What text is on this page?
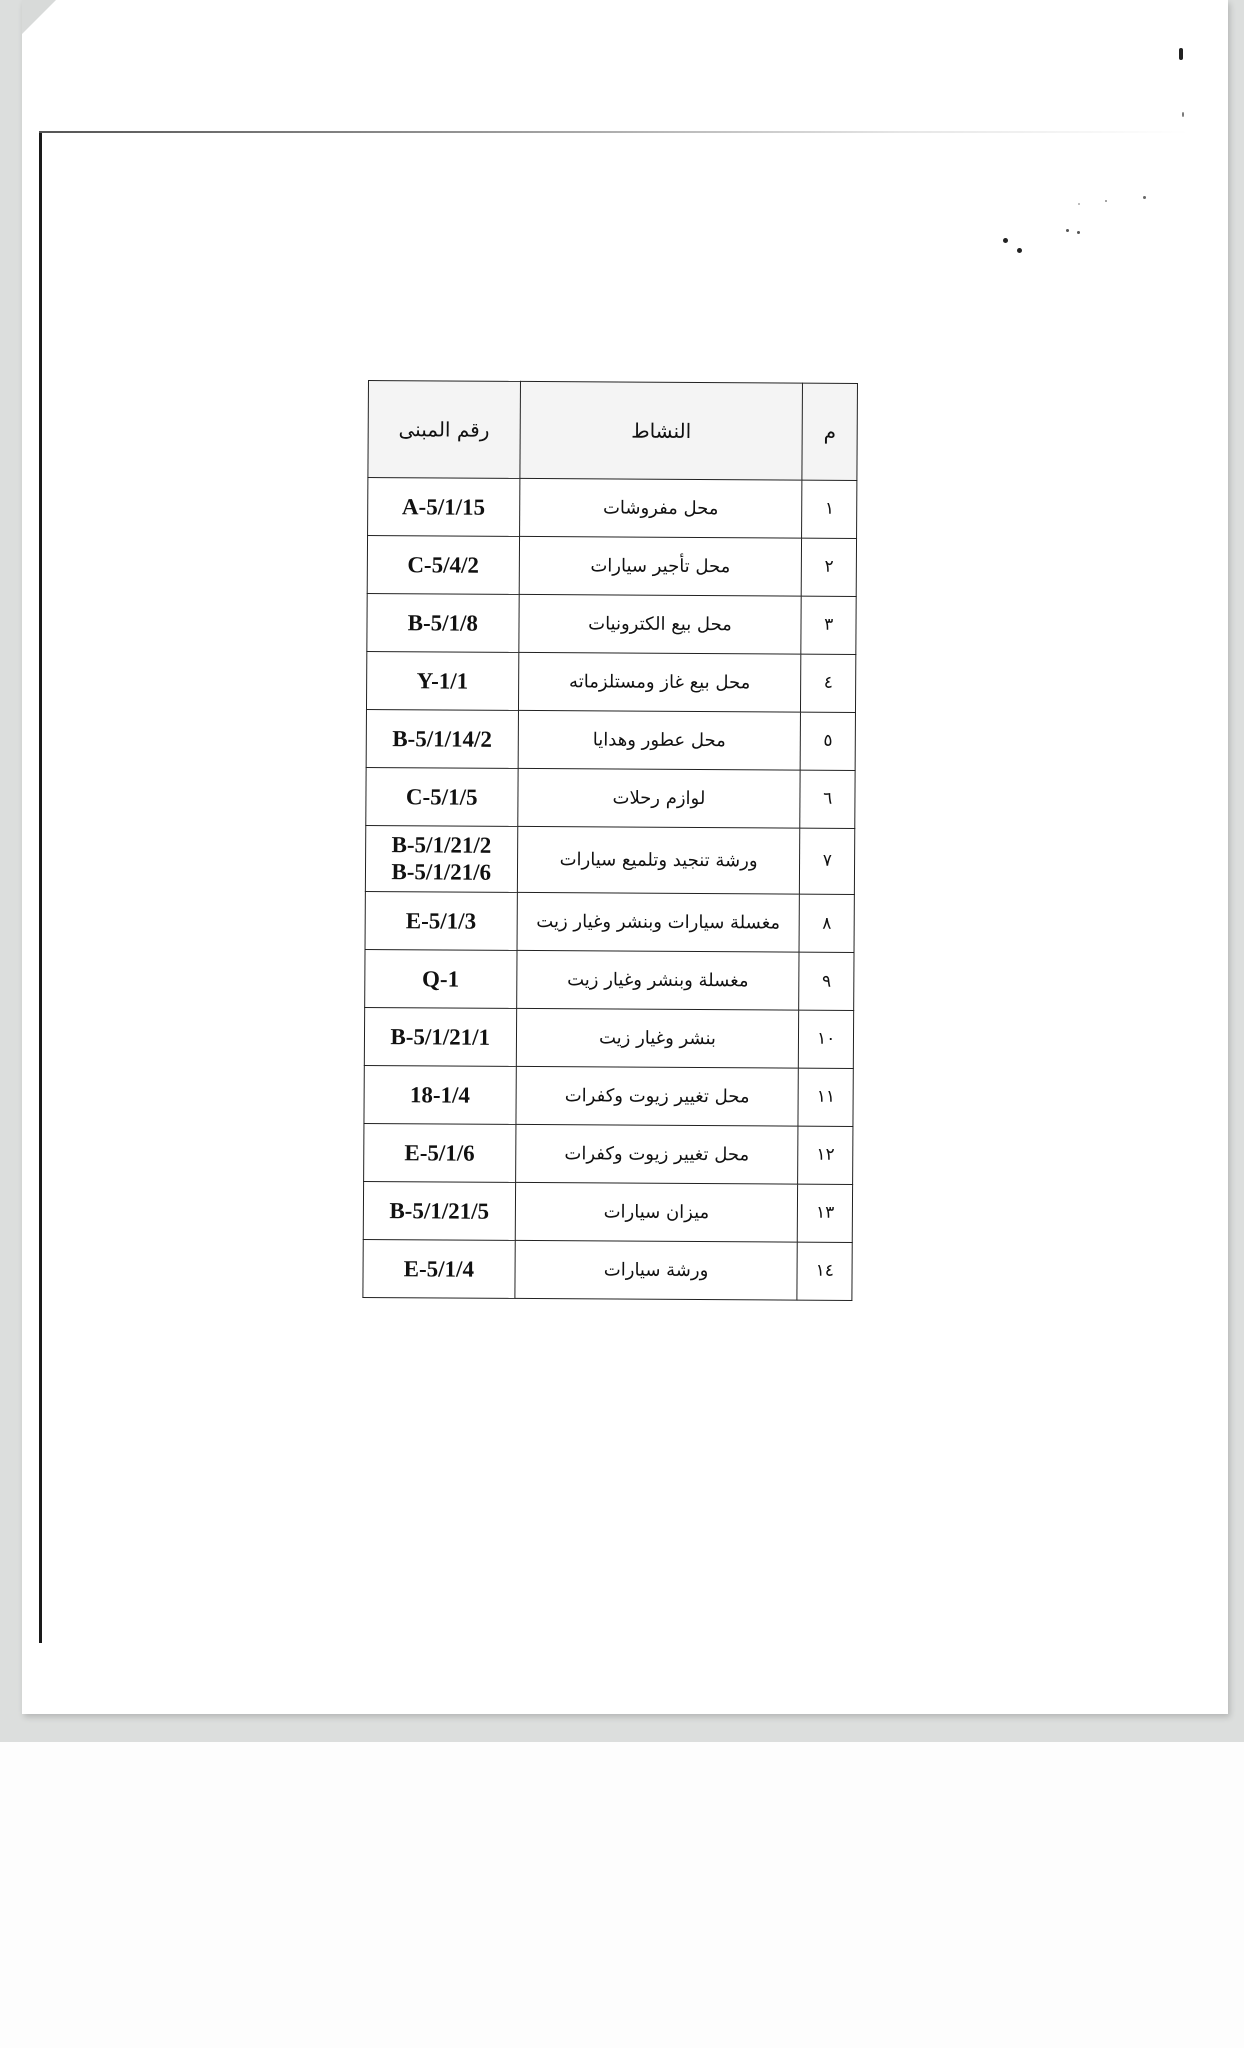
م	النشاط	رقم المبنى
١	محل مفروشات	A-5/1/15

٢	محل تأجير سيارات	C-5/4/2

٣	محل بيع الكترونيات	B-5/1/8

٤	محل بيع غاز ومستلزماته	Y-1/1

٥	محل عطور وهدايا	B-5/1/14/2

٦	لوازم رحلات	C-5/1/5

٧	ورشة تنجيد وتلميع سيارات	B-5/1/21/2
B-5/1/21/6

٨	مغسلة سيارات وبنشر وغيار زيت	E-5/1/3

٩	مغسلة وبنشر وغيار زيت	Q-1

١٠	بنشر وغيار زيت	B-5/1/21/1

١١	محل تغيير زيوت وكفرات	18-1/4

١٢	محل تغيير زيوت وكفرات	E-5/1/6

١٣	ميزان سيارات	B-5/1/21/5

١٤	ورشة سيارات	E-5/1/4
